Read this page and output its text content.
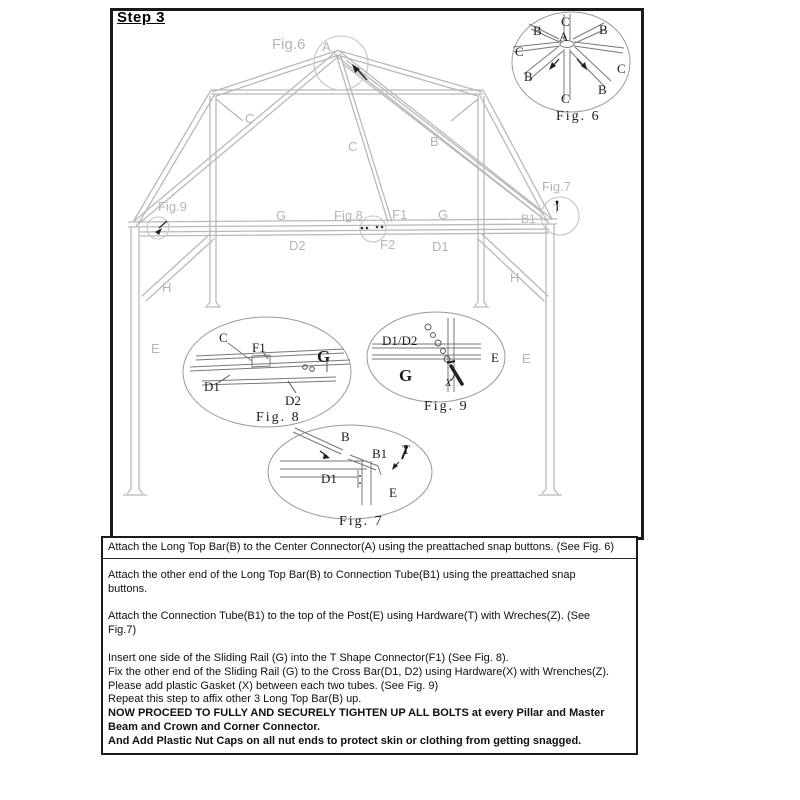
Step 3
Fig.6 A
C
C	B
Fig.9
G	Fig.8 F1 G	B1
T
Fig.7
D2	F2	D1
H
H
E
E
C
B	B
A
C
C
B
B
C
Fig. 6
C
F1	G
D1
D2
Fig. 8
D1/D2
E
G	X
Fig. 9
B
B1 T
D1
E
Fig. 7
Attach the Long Top Bar(B) to the Center Connector(A) using the preattached snap buttons. (See Fig. 6)
Attach the other end of the Long Top Bar(B) to Connection Tube(B1) using the preattached snap
buttons.
Attach the Connection Tube(B1) to the top of the Post(E) using Hardware(T) with Wreches(Z). (See
Fig.7)
Insert one side of the Sliding Rail (G) into the T Shape Connector(F1) (See Fig. 8).
Fix the other end of the Sliding Rail (G) to the Cross Bar(D1, D2) using Hardware(X) with Wrenches(Z).
Please add plastic Gasket (X) between each two tubes. (See Fig. 9)
Repeat this step to affix other 3 Long Top Bar(B) up.
NOW PROCEED TO FULLY AND SECURELY TIGHTEN UP ALL BOLTS at every Pillar and Master
Beam and Crown and Corner Connector.
And Add Plastic Nut Caps on all nut ends to protect skin or clothing from getting snagged.
